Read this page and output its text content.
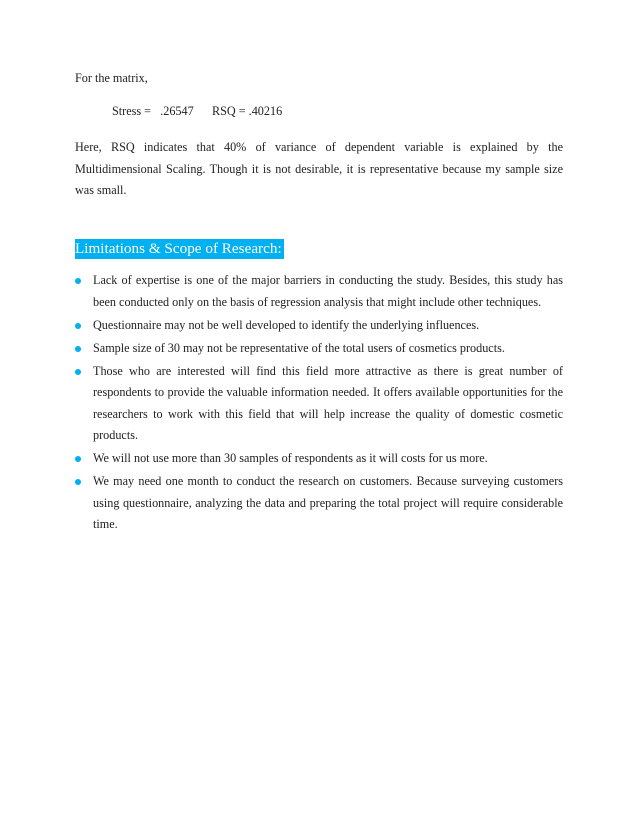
For the matrix,
Stress =   .26547 RSQ = .40216

Here, RSQ indicates that 40% of variance of dependent variable is explained by the Multidimensional Scaling. Though it is not desirable, it is representative because my sample size was small.

Limitations & Scope of Research:
Lack of expertise is one of the major barriers in conducting the study. Besides, this study has been conducted only on the basis of regression analysis that might include other techniques.
Questionnaire may not be well developed to identify the underlying influences.
Sample size of 30 may not be representative of the total users of cosmetics products.
Those who are interested will find this field more attractive as there is great number of respondents to provide the valuable information needed. It offers available opportunities for the researchers to work with this field that will help increase the quality of domestic cosmetic products.
We will not use more than 30 samples of respondents as it will costs for us more.
We may need one month to conduct the research on customers. Because surveying customers using questionnaire, analyzing the data and preparing the total project will require considerable time.
